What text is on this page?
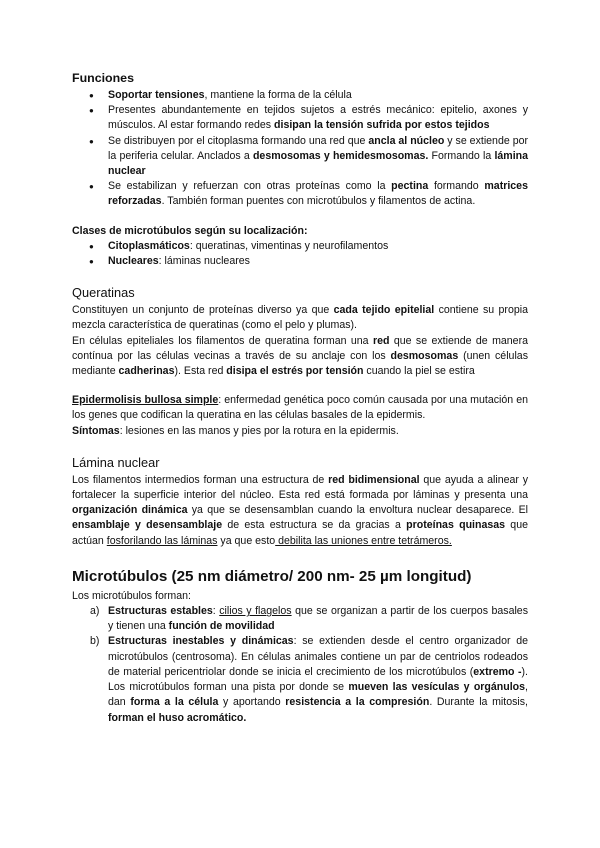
Funciones
● Soportar tensiones, mantiene la forma de la célula
● Presentes abundantemente en tejidos sujetos a estrés mecánico: epitelio, axones y músculos. Al estar formando redes disipan la tensión sufrida por estos tejidos
● Se distribuyen por el citoplasma formando una red que ancla al núcleo y se extiende por la periferia celular. Anclados a desmosomas y hemidesmosomas. Formando la lámina nuclear
● Se estabilizan y refuerzan con otras proteínas como la pectina formando matrices reforzadas. También forman puentes con microtúbulos y filamentos de actina.

Clases de microtúbulos según su localización:

● Citoplasmáticos: queratinas, vimentinas y neurofilamentos
● Nucleares: láminas nucleares
Queratinas

Constituyen un conjunto de proteínas diverso ya que cada tejido epitelial contiene su propia mezcla característica de queratinas (como el pelo y plumas).

En células epiteliales los filamentos de queratina forman una red que se extiende de manera contínua por las células vecinas a través de su anclaje con los desmosomas (unen células mediante cadherinas). Esta red disipa el estrés por tensión cuando la piel se estira

Epidermolisis bullosa simple: enfermedad genética poco común causada por una mutación en los genes que codifican la queratina en las células basales de la epidermis.

Síntomas: lesiones en las manos y pies por la rotura en la epidermis.

Lámina nuclear

Los filamentos intermedios forman una estructura de red bidimensional que ayuda a alinear y fortalecer la superficie interior del núcleo. Esta red está formada por láminas y presenta una organización dinámica ya que se desensamblan cuando la envoltura nuclear desaparece. El ensamblaje y desensamblaje de esta estructura se da gracias a proteínas quinasas que actúan fosforilando las láminas ya que esto debilita las uniones entre tetrámeros.

Microtúbulos (25 nm diámetro/ 200 nm- 25 µm longitud)

Los microtúbulos forman:

a) Estructuras estables: cilios y flagelos que se organizan a partir de los cuerpos basales y tienen una función de movilidad
b) Estructuras inestables y dinámicas: se extienden desde el centro organizador de microtúbulos (centrosoma). En células animales contiene un par de centriolos rodeados de material pericentriolar donde se inicia el crecimiento de los microtúbulos (extremo -). Los microtúbulos forman una pista por donde se mueven las vesículas y orgánulos, dan forma a la célula y aportando resistencia a la compresión. Durante la mitosis, forman el huso acromático.
